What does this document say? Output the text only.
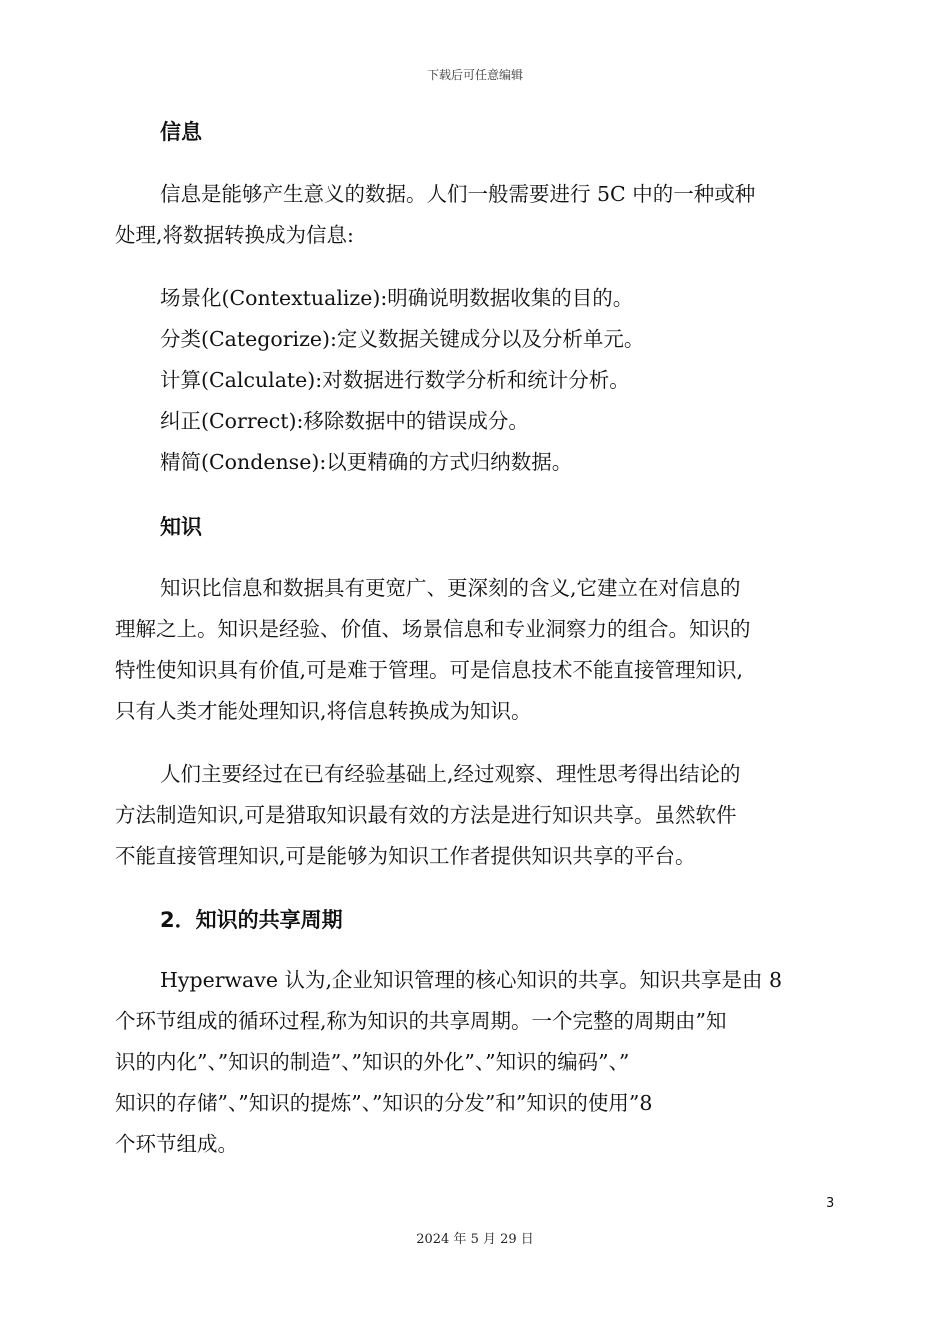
下载后可任意编辑
信息

信息是能够产生意义的数据。人们一般需要进行 5C 中的一种或种
处理,将数据转换成为信息:

场景化(Contextualize):明确说明数据收集的目的。
分类(Categorize):定义数据关键成分以及分析单元。
计算(Calculate):对数据进行数学分析和统计分析。
纠正(Correct):移除数据中的错误成分。
精简(Condense):以更精确的方式归纳数据。
知识

知识比信息和数据具有更宽广、更深刻的含义,它建立在对信息的
理解之上。知识是经验、价值、场景信息和专业洞察力的组合。知识的
特性使知识具有价值,可是难于管理。可是信息技术不能直接管理知识,
只有人类才能处理知识,将信息转换成为知识。

人们主要经过在已有经验基础上,经过观察、理性思考得出结论的
方法制造知识,可是猎取知识最有效的方法是进行知识共享。虽然软件
不能直接管理知识,可是能够为知识工作者提供知识共享的平台。

2．知识的共享周期

Hyperwave 认为,企业知识管理的核心知识的共享。知识共享是由 8
个环节组成的循环过程,称为知识的共享周期。一个完整的周期由”知
识的内化”、”知识的制造”、”知识的外化”、”知识的编码”、”
知识的存储”、”知识的提炼”、”知识的分发”和”知识的使用”8
个环节组成。

3
2024 年 5 月 29 日
